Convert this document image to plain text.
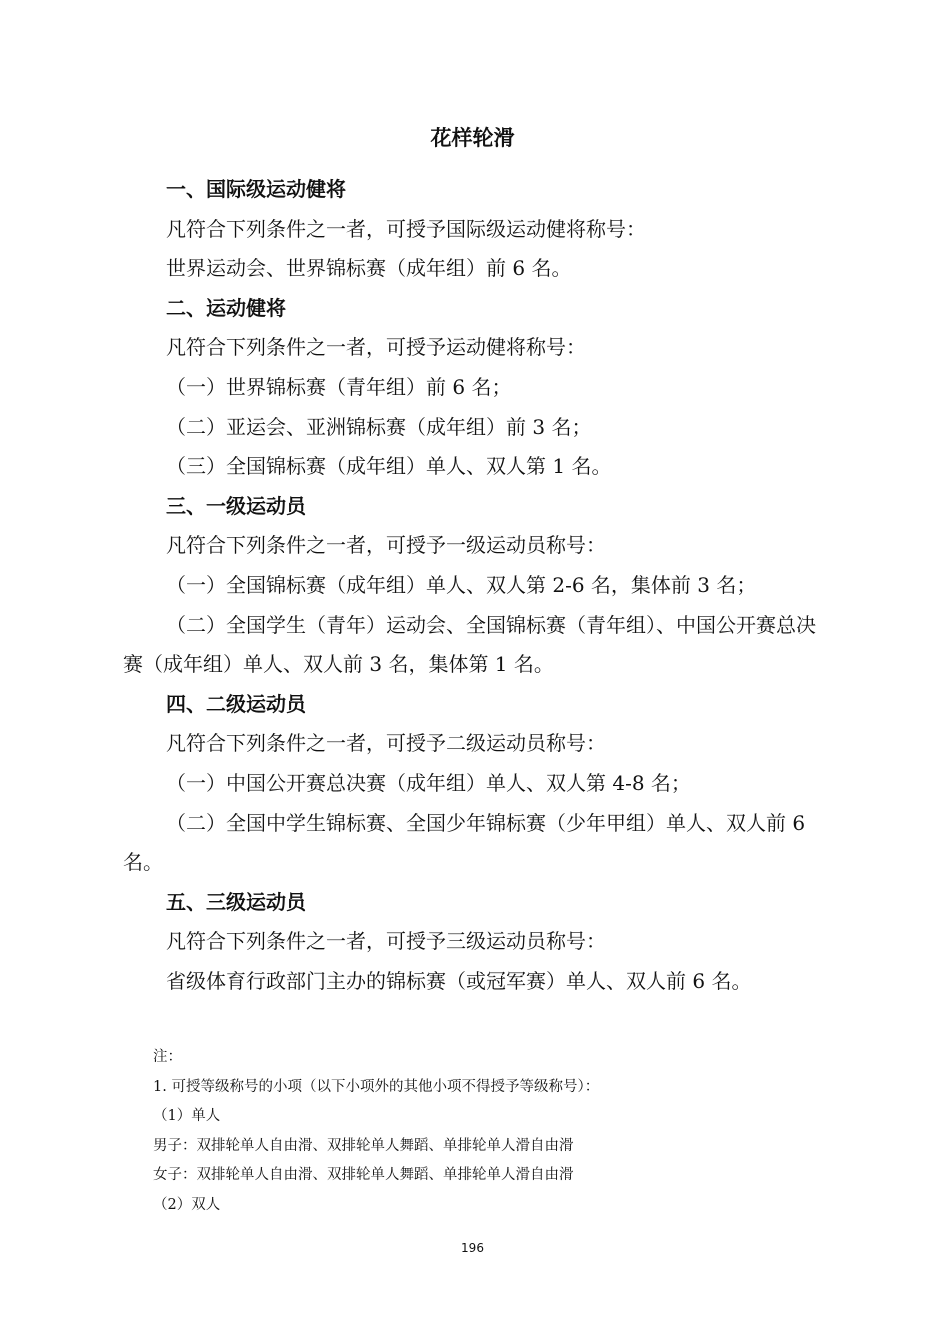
花样轮滑

一、国际级运动健将

凡符合下列条件之一者，可授予国际级运动健将称号：

世界运动会、世界锦标赛（成年组）前 6 名。

二、运动健将

凡符合下列条件之一者，可授予运动健将称号：

（一）世界锦标赛（青年组）前 6 名；

（二）亚运会、亚洲锦标赛（成年组）前 3 名；

（三）全国锦标赛（成年组）单人、双人第 1 名。

三、一级运动员

凡符合下列条件之一者，可授予一级运动员称号：

（一）全国锦标赛（成年组）单人、双人第 2-6 名，集体前 3 名；

（二）全国学生（青年）运动会、全国锦标赛（青年组）、中国公开赛总决赛（成年组）单人、双人前 3 名，集体第 1 名。

四、二级运动员

凡符合下列条件之一者，可授予二级运动员称号：

（一）中国公开赛总决赛（成年组）单人、双人第 4-8 名；

（二）全国中学生锦标赛、全国少年锦标赛（少年甲组）单人、双人前 6 名。

五、三级运动员

凡符合下列条件之一者，可授予三级运动员称号：

省级体育行政部门主办的锦标赛（或冠军赛）单人、双人前 6 名。

注：

1. 可授等级称号的小项（以下小项外的其他小项不得授予等级称号）：

（1）单人

男子：双排轮单人自由滑、双排轮单人舞蹈、单排轮单人滑自由滑

女子：双排轮单人自由滑、双排轮单人舞蹈、单排轮单人滑自由滑

（2）双人

196
